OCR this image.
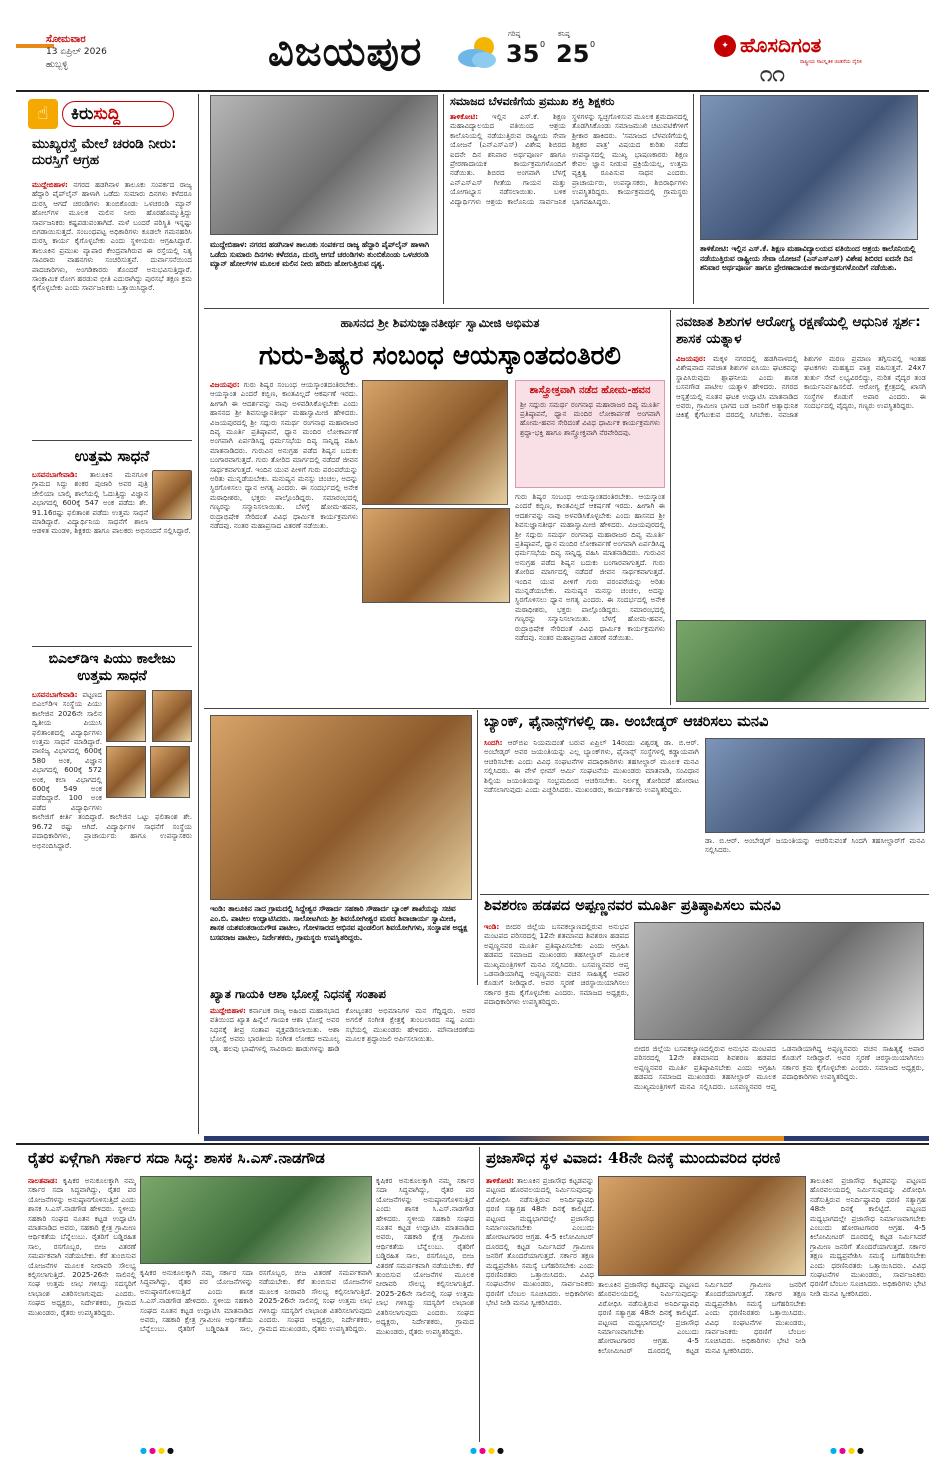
ಸೋಮವಾರ
13 ಏಪ್ರಿಲ್ 2026
ಹುಬ್ಬಳ್ಳಿ	ವಿಜಯಪುರ	ಗರಿಷ್ಠ
35 0
ಕನಿಷ್ಠ
25 0	✦ ಹೊಸದಿಗಂತ
ರಾಷ್ಟ್ರೀಯ ಸಾಂಸ್ಕೃತಿಕ ಚಿಂತನೆಯ ದೈನಿಕ
೧೧
☝	ಕಿರುಸುದ್ದಿ
ಮುಖ್ಯರಸ್ತೆ ಮೇಲೆ ಚರಂಡಿ ನೀರು: ದುರಸ್ತಿಗೆ ಆಗ್ರಹ
ಮುದ್ದೇಬಿಹಾಳ: ನಗರದ ಹಡಗಿನಾಳ ತಾಲೂಕು ಸಂಪರ್ಕದ ರಾಜ್ಯ ಹೆದ್ದಾರಿ ಪೈಪ್‌ಲೈನ್ ಹಾಳಾಗಿ ಒಡೆದು ಸುಮಾರು ದಿನಗಳು ಕಳೆದರೂ ದುರಸ್ತಿ ಆಗದೆ ಚರಂಡಿಗಳು ತುಂಬಿಕೊಂಡು ಒಳಚರಂಡಿ ಮ್ಯಾನ್ ಹೋಲ್‌ಗಳ ಮೂಲಕ ಮಲಿನ ನೀರು ಹೊರಹೊಮ್ಮುತ್ತಿದ್ದು ಸಾರ್ವಜನಿಕರು ಕಷ್ಟಪಡುವಂತಾಗಿದೆ. ಮಳೆ ಬಂದರೆ ಪರಿಸ್ಥಿತಿ ಇನ್ನಷ್ಟು ಬಿಗಡಾಯಿಸುತ್ತದೆ. ಸಂಬಂಧಪಟ್ಟ ಅಧಿಕಾರಿಗಳು ಕೂಡಲೇ ಗಮನಹರಿಸಿ ದುರಸ್ತಿ ಕಾರ್ಯ ಕೈಗೊಳ್ಳಬೇಕು ಎಂದು ಸ್ಥಳೀಯರು ಆಗ್ರಹಿಸಿದ್ದಾರೆ. ತಾಲೂಕಿನ ಪ್ರಮುಖ ವ್ಯಾಪಾರ ಕೇಂದ್ರವಾಗಿರುವ ಈ ರಸ್ತೆಯಲ್ಲಿ ನಿತ್ಯ ಸಾವಿರಾರು ವಾಹನಗಳು ಸಂಚರಿಸುತ್ತವೆ. ದುರ್ವಾಸನೆಯಿಂದ ಪಾದಚಾರಿಗಳು, ಅಂಗಡಿಕಾರರು ತೊಂದರೆ ಅನುಭವಿಸುತ್ತಿದ್ದಾರೆ. ಸಾಂಕ್ರಾಮಿಕ ರೋಗ ಹರಡುವ ಭೀತಿ ಎದುರಾಗಿದ್ದು ಪುರಸಭೆ ತಕ್ಷಣ ಕ್ರಮ ಕೈಗೊಳ್ಳಬೇಕು ಎಂದು ಸಾರ್ವಜನಿಕರು ಒತ್ತಾಯಿಸಿದ್ದಾರೆ.
ಉತ್ತಮ ಸಾಧನೆ
ಬಸವನಬಾಗೇವಾಡಿ: ತಾಲೂಕಿನ ಮನಗೂಳಿ ಗ್ರಾಮದ ಸಿದ್ದು ಶಂಕರ ಪುಜಾರಿ ಅವರ ಪುತ್ರಿ ಜೇಲಿಯಾ ಬಾಲ್ಕಿ ಶಾಲೆಯಲ್ಲಿ ಓದುತ್ತಿದ್ದು ವಿಜ್ಞಾನ ವಿಭಾಗದಲ್ಲಿ 600ಕ್ಕೆ 547 ಅಂಕ ಪಡೆದು ಶೇ. 91.16ರಷ್ಟು ಫಲಿತಾಂಶ ಪಡೆದು ಉತ್ತಮ ಸಾಧನೆ ಮಾಡಿದ್ದಾರೆ. ವಿದ್ಯಾರ್ಥಿನಿಯ ಸಾಧನೆಗೆ ಶಾಲಾ ಆಡಳಿತ ಮಂಡಳಿ, ಶಿಕ್ಷಕರು ಹಾಗೂ ಪಾಲಕರು ಅಭಿನಂದನೆ ಸಲ್ಲಿಸಿದ್ದಾರೆ.
ಬಿಎಲ್‌ಡಿಇ ಪಿಯು ಕಾಲೇಜು ಉತ್ತಮ ಸಾಧನೆ

ಬಸವನಬಾಗೇವಾಡಿ: ಪಟ್ಟಣದ ಬಿಎಲ್‌ಡಿಇ ಸಂಸ್ಥೆಯ ಪಿಯು ಕಾಲೇಜಿನ 2026ನೇ ಸಾಲಿನ ದ್ವಿತೀಯ ಪಿಯುಸಿ ಫಲಿತಾಂಶದಲ್ಲಿ ವಿದ್ಯಾರ್ಥಿಗಳು ಉತ್ತಮ ಸಾಧನೆ ಮಾಡಿದ್ದಾರೆ. ವಾಣಿಜ್ಯ ವಿಭಾಗದಲ್ಲಿ 600ಕ್ಕೆ 580 ಅಂಕ, ವಿಜ್ಞಾನ ವಿಭಾಗದಲ್ಲಿ 600ಕ್ಕೆ 572 ಅಂಕ, ಕಲಾ ವಿಭಾಗದಲ್ಲಿ 600ಕ್ಕೆ 549 ಅಂಕ ಪಡೆದಿದ್ದಾರೆ. 100 ಅಂಕ ಪಡೆದ ವಿದ್ಯಾರ್ಥಿಗಳು ಕಾಲೇಜಿಗೆ ಕೀರ್ತಿ ತಂದಿದ್ದಾರೆ. ಕಾಲೇಜಿನ ಒಟ್ಟು ಫಲಿತಾಂಶ ಶೇ. 96.72 ರಷ್ಟು ಆಗಿದೆ. ವಿದ್ಯಾರ್ಥಿಗಳ ಸಾಧನೆಗೆ ಸಂಸ್ಥೆಯ ಪದಾಧಿಕಾರಿಗಳು, ಪ್ರಾಚಾರ್ಯರು ಹಾಗೂ ಉಪನ್ಯಾಸಕರು ಅಭಿನಂದಿಸಿದ್ದಾರೆ.
ಮುದ್ದೇಬಿಹಾಳ: ನಗರದ ಹಡಗಿನಾಳ ತಾಲೂಕು ಸಂಪರ್ಕದ ರಾಜ್ಯ ಹೆದ್ದಾರಿ ಪೈಪ್‌ಲೈನ್ ಹಾಳಾಗಿ ಒಡೆದು ಸುಮಾರು ದಿನಗಳು ಕಳೆದರೂ, ದುರಸ್ತಿ ಆಗದೆ ಚರಂಡಿಗಳು ತುಂಬಿಕೊಂಡು ಒಳಚರಂಡಿ ಮ್ಯಾನ್ ಹೋಲ್‌ಗಳ ಮೂಲಕ ಮಲಿನ ನೀರು ಹರಿದು ಹೋಗುತ್ತಿರುವ ದೃಶ್ಯ.
ಸಮಾಜದ ಬೆಳವಣಿಗೆಯ ಪ್ರಮುಖ ಶಕ್ತಿ ಶಿಕ್ಷಕರು
ತಾಳಿಕೋಟಿ: ಇಲ್ಲಿನ ಎಸ್.ಕೆ. ಶಿಕ್ಷಣ ಮಹಾವಿದ್ಯಾಲಯದ ವತಿಯಿಂದ ಆಶ್ರಯ ಕಾಲೊನಿಯಲ್ಲಿ ನಡೆಯುತ್ತಿರುವ ರಾಷ್ಟ್ರೀಯ ಸೇವಾ ಯೋಜನೆ (ಎನ್ಎಸ್ಎಸ್) ವಿಶೇಷ ಶಿಬಿರದ ಐದನೇ ದಿನ ಶನಿವಾರ ಅರ್ಥಪೂರ್ಣ ಹಾಗೂ ಪ್ರೇರಣಾದಾಯಕ ಕಾರ್ಯಕ್ರಮಗಳೊಂದಿಗೆ ನಡೆಯಿತು. ಶಿಬಿರದ ಅಂಗವಾಗಿ ಬೆಳಗ್ಗೆ ಎನ್ಎಸ್ಎಸ್ ಗೀತೆಯ ಗಾಯನ ಮತ್ತು ಯೋಗಾಭ್ಯಾಸ ನಡೆಸಲಾಯಿತು. ಬಳಿಕ ವಿದ್ಯಾರ್ಥಿಗಳು ಆಶ್ರಯ ಕಾಲೊನಿಯ ಸಾರ್ವಜನಿಕ ಸ್ಥಳಗಳನ್ನು ಸ್ವಚ್ಛಗೊಳಿಸುವ ಮೂಲಕ ಶ್ರಮದಾನದಲ್ಲಿ ತೊಡಗಿಸಿಕೊಂಡು ಸಮಾಜಮುಖಿ ಚಟುವಟಿಕೆಗಳಿಗೆ ಶ್ರೀಕಾರ ಹಾಕಿದರು. 'ಸಮಾಜದ ಬೆಳವಣಿಗೆಯಲ್ಲಿ ಶಿಕ್ಷಕರ ಪಾತ್ರ' ವಿಷಯದ ಕುರಿತು ನಡೆದ ಉಪನ್ಯಾಸದಲ್ಲಿ ಮುಖ್ಯ ಭಾಷಣಕಾರರು ಶಿಕ್ಷಣ ಕೇವಲ ಜ್ಞಾನ ನೀಡುವ ಪ್ರಕ್ರಿಯೆಯಲ್ಲ, ಉತ್ತಮ ವ್ಯಕ್ತಿತ್ವ ರೂಪಿಸುವ ಸಾಧನ ಎಂದರು. ಪ್ರಾಚಾರ್ಯರು, ಉಪನ್ಯಾಸಕರು, ಶಿಬಿರಾರ್ಥಿಗಳು ಉಪಸ್ಥಿತರಿದ್ದರು. ಕಾರ್ಯಕ್ರಮದಲ್ಲಿ ಗ್ರಾಮಸ್ಥರು ಭಾಗವಹಿಸಿದ್ದರು.
ತಾಳಿಕೋಟಿ: ಇಲ್ಲಿನ ಎಸ್.ಕೆ. ಶಿಕ್ಷಣ ಮಹಾವಿದ್ಯಾಲಯದ ವತಿಯಿಂದ ಆಶ್ರಯ ಕಾಲೊನಿಯಲ್ಲಿ ನಡೆಯುತ್ತಿರುವ ರಾಷ್ಟ್ರೀಯ ಸೇವಾ ಯೋಜನೆ (ಎನ್ಎಸ್ಎಸ್) ವಿಶೇಷ ಶಿಬಿರದ ಐದನೇ ದಿನ ಶನಿವಾರ ಅರ್ಥಪೂರ್ಣ ಹಾಗೂ ಪ್ರೇರಣಾದಾಯಕ ಕಾರ್ಯಕ್ರಮಗಳೊಂದಿಗೆ ನಡೆಯಿತು.
ಹಾಸನದ ಶ್ರೀ ಶಿವಸುಜ್ಞಾನತೀರ್ಥ ಸ್ವಾಮೀಜಿ ಅಭಿಮತ
ಗುರು-ಶಿಷ್ಯರ ಸಂಬಂಧ ಆಯಸ್ಕಾಂತದಂತಿರಲಿ
ವಿಜಯಪುರ: ಗುರು ಶಿಷ್ಯರ ಸಂಬಂಧ ಆಯಸ್ಕಾಂತದಂತಿರಬೇಕು. ಆಯಸ್ಕಾಂತ ಎಂದರೆ ಕಬ್ಬಿಣ, ಕಾಂತವಿಲ್ಲದೆ ಆಕರ್ಷಣೆ ಇರದು. ಹೀಗಾಗಿ ಈ ಆದರ್ಶವನ್ನು ನಾವು ಅಳವಡಿಸಿಕೊಳ್ಳಬೇಕು ಎಂದು ಹಾಸನದ ಶ್ರೀ ಶಿವಸುಜ್ಞಾನತೀರ್ಥ ಮಹಾಸ್ವಾಮೀಜಿ ಹೇಳಿದರು. ವಿಜಯಪುರದಲ್ಲಿ ಶ್ರೀ ಸದ್ಗುರು ಸಮರ್ಥ ರಂಗನಾಥ ಮಹಾರಾಜರ ದಿವ್ಯ ಮೂರ್ತಿ ಪ್ರತಿಷ್ಠಾಪನೆ, ಧ್ಯಾನ ಮಂದಿರ ಲೋಕಾರ್ಪಣೆ ಅಂಗವಾಗಿ ಏರ್ಪಡಿಸಿದ್ದ ಧರ್ಮಸಭೆಯ ದಿವ್ಯ ಸಾನ್ನಿಧ್ಯ ವಹಿಸಿ ಮಾತನಾಡಿದರು. ಗುರುವಿನ ಅನುಗ್ರಹ ಪಡೆದ ಶಿಷ್ಯನ ಬದುಕು ಬಂಗಾರವಾಗುತ್ತದೆ. ಗುರು ತೋರಿದ ಮಾರ್ಗದಲ್ಲಿ ನಡೆದರೆ ಜೀವನ ಸಾರ್ಥಕವಾಗುತ್ತದೆ. ಇಂದಿನ ಯುವ ಪೀಳಿಗೆ ಗುರು ಪರಂಪರೆಯನ್ನು ಅರಿತು ಮುನ್ನಡೆಯಬೇಕು. ಮನುಷ್ಯನ ಮನಸ್ಸು ಚಂಚಲ, ಅದನ್ನು ಸ್ಥಿರಗೊಳಿಸಲು ಧ್ಯಾನ ಅಗತ್ಯ ಎಂದರು. ಈ ಸಂದರ್ಭದಲ್ಲಿ ಅನೇಕ ಮಠಾಧೀಶರು, ಭಕ್ತರು ಪಾಲ್ಗೊಂಡಿದ್ದರು. ಸಮಾರಂಭದಲ್ಲಿ ಗಣ್ಯರನ್ನು ಸನ್ಮಾನಿಸಲಾಯಿತು. ಬೆಳಗ್ಗೆ ಹೋಮ-ಹವನ, ರುದ್ರಾಭಿಷೇಕ ಸೇರಿದಂತೆ ವಿವಿಧ ಧಾರ್ಮಿಕ ಕಾರ್ಯಕ್ರಮಗಳು ನಡೆದವು. ನಂತರ ಮಹಾಪ್ರಸಾದ ವಿತರಣೆ ನಡೆಯಿತು.
ಶಾಸ್ತ್ರೋಕ್ತವಾಗಿ ನಡೆದ ಹೋಮ-ಹವನ
ಶ್ರೀ ಸದ್ಗುರು ಸಮರ್ಥ ರಂಗನಾಥ ಮಹಾರಾಜರ ದಿವ್ಯ ಮೂರ್ತಿ ಪ್ರತಿಷ್ಠಾಪನೆ, ಧ್ಯಾನ ಮಂದಿರ ಲೋಕಾರ್ಪಣೆ ಅಂಗವಾಗಿ ಹೋಮ-ಹವನ ಸೇರಿದಂತೆ ವಿವಿಧ ಧಾರ್ಮಿಕ ಕಾರ್ಯಕ್ರಮಗಳು ಶ್ರದ್ಧಾ-ಭಕ್ತಿ ಹಾಗೂ ಶಾಸ್ತ್ರೋಕ್ತವಾಗಿ ನೆರವೇರಿದವು.
ಗುರು ಶಿಷ್ಯರ ಸಂಬಂಧ ಆಯಸ್ಕಾಂತದಂತಿರಬೇಕು. ಆಯಸ್ಕಾಂತ ಎಂದರೆ ಕಬ್ಬಿಣ, ಕಾಂತವಿಲ್ಲದೆ ಆಕರ್ಷಣೆ ಇರದು. ಹೀಗಾಗಿ ಈ ಆದರ್ಶವನ್ನು ನಾವು ಅಳವಡಿಸಿಕೊಳ್ಳಬೇಕು ಎಂದು ಹಾಸನದ ಶ್ರೀ ಶಿವಸುಜ್ಞಾನತೀರ್ಥ ಮಹಾಸ್ವಾಮೀಜಿ ಹೇಳಿದರು. ವಿಜಯಪುರದಲ್ಲಿ ಶ್ರೀ ಸದ್ಗುರು ಸಮರ್ಥ ರಂಗನಾಥ ಮಹಾರಾಜರ ದಿವ್ಯ ಮೂರ್ತಿ ಪ್ರತಿಷ್ಠಾಪನೆ, ಧ್ಯಾನ ಮಂದಿರ ಲೋಕಾರ್ಪಣೆ ಅಂಗವಾಗಿ ಏರ್ಪಡಿಸಿದ್ದ ಧರ್ಮಸಭೆಯ ದಿವ್ಯ ಸಾನ್ನಿಧ್ಯ ವಹಿಸಿ ಮಾತನಾಡಿದರು. ಗುರುವಿನ ಅನುಗ್ರಹ ಪಡೆದ ಶಿಷ್ಯನ ಬದುಕು ಬಂಗಾರವಾಗುತ್ತದೆ. ಗುರು ತೋರಿದ ಮಾರ್ಗದಲ್ಲಿ ನಡೆದರೆ ಜೀವನ ಸಾರ್ಥಕವಾಗುತ್ತದೆ. ಇಂದಿನ ಯುವ ಪೀಳಿಗೆ ಗುರು ಪರಂಪರೆಯನ್ನು ಅರಿತು ಮುನ್ನಡೆಯಬೇಕು. ಮನುಷ್ಯನ ಮನಸ್ಸು ಚಂಚಲ, ಅದನ್ನು ಸ್ಥಿರಗೊಳಿಸಲು ಧ್ಯಾನ ಅಗತ್ಯ ಎಂದರು. ಈ ಸಂದರ್ಭದಲ್ಲಿ ಅನೇಕ ಮಠಾಧೀಶರು, ಭಕ್ತರು ಪಾಲ್ಗೊಂಡಿದ್ದರು. ಸಮಾರಂಭದಲ್ಲಿ ಗಣ್ಯರನ್ನು ಸನ್ಮಾನಿಸಲಾಯಿತು. ಬೆಳಗ್ಗೆ ಹೋಮ-ಹವನ, ರುದ್ರಾಭಿಷೇಕ ಸೇರಿದಂತೆ ವಿವಿಧ ಧಾರ್ಮಿಕ ಕಾರ್ಯಕ್ರಮಗಳು ನಡೆದವು. ನಂತರ ಮಹಾಪ್ರಸಾದ ವಿತರಣೆ ನಡೆಯಿತು.
ನವಜಾತ ಶಿಶುಗಳ ಆರೋಗ್ಯ ರಕ್ಷಣೆಯಲ್ಲಿ ಆಧುನಿಕ ಸ್ಪರ್ಶ: ಶಾಸಕ ಯತ್ನಾಳ
ವಿಜಯಪುರ: ಮಕ್ಕಳ ನಗರದಲ್ಲಿ ಹಡಗಿನಾಳದಲ್ಲಿ ವಿಶೇಷವಾದ ನವಜಾತ ಶಿಶುಗಳ ಐಸಿಯು ಘಟಕವನ್ನು ಸ್ಥಾಪಿಸಿರುವುದು ಶ್ಲಾಘನೀಯ ಎಂದು ಶಾಸಕ ಬಸನಗೌಡ ಪಾಟೀಲ ಯತ್ನಾಳ ಹೇಳಿದರು. ನಗರದ ಆಸ್ಪತ್ರೆಯಲ್ಲಿ ನೂತನ ಘಟಕ ಉದ್ಘಾಟಿಸಿ ಮಾತನಾಡಿದ ಅವರು, ಗ್ರಾಮೀಣ ಭಾಗದ ಬಡ ಜನರಿಗೆ ಅತ್ಯಾಧುನಿಕ ಚಿಕಿತ್ಸೆ ಕೈಗೆಟುಕುವ ದರದಲ್ಲಿ ಸಿಗಬೇಕು. ನವಜಾತ ಶಿಶುಗಳ ಮರಣ ಪ್ರಮಾಣ ತಗ್ಗಿಸುವಲ್ಲಿ ಇಂತಹ ಘಟಕಗಳು ಮಹತ್ವದ ಪಾತ್ರ ವಹಿಸುತ್ತವೆ. 24x7 ತುರ್ತು ಸೇವೆ ಲಭ್ಯವಿರಲಿದ್ದು, ನುರಿತ ವೈದ್ಯರ ತಂಡ ಕಾರ್ಯನಿರ್ವಹಿಸಲಿದೆ. ಆರೋಗ್ಯ ಕ್ಷೇತ್ರದಲ್ಲಿ ಖಾಸಗಿ ಸಂಸ್ಥೆಗಳ ಕೊಡುಗೆ ಅಪಾರ ಎಂದರು. ಈ ಸಂದರ್ಭದಲ್ಲಿ ವೈದ್ಯರು, ಗಣ್ಯರು ಉಪಸ್ಥಿತರಿದ್ದರು.
ಇಂಡಿ: ತಾಲೂಕಿನ ನಾದ ಗ್ರಾಮದಲ್ಲಿ ಸಿದ್ದೇಶ್ವರ ಸೌಹಾರ್ದ ಸಹಕಾರಿ ಸೌಹಾರ್ದ ಬ್ಯಾಂಕ್ ಶಾಖೆಯನ್ನು ಸಚಿವ ಎಂ.ಬಿ. ಪಾಟೀಲ ಉದ್ಘಾಟಿಸಿದರು. ಸಾಲೋಟಗಿಯ ಶ್ರೀ ಶಿವಯೋಗೀಶ್ವರ ಮಠದ ಶಿವಾಚಾರ್ಯ ಸ್ವಾಮೀಜಿ, ಶಾಸಕ ಯಶವಂತರಾಯಗೌಡ ಪಾಟೀಲ, ಗೋಳಸಾರದ ಅಭಿನವ ಪುಂಡಲಿಂಗ ಶಿವಯೋಗಿಗಳು, ಸಂಸ್ಥಾಪಕ ಅಧ್ಯಕ್ಷ ಬಸವರಾಜ ಪಾಟೀಲ, ನಿರ್ದೇಶಕರು, ಗ್ರಾಮಸ್ಥರು ಉಪಸ್ಥಿತರಿದ್ದರು.
ಬ್ಯಾಂಕ್, ಫೈನಾನ್ಸ್‌ಗಳಲ್ಲಿ ಡಾ. ಅಂಬೇಡ್ಕರ್ ಆಚರಿಸಲು ಮನವಿ
ಸಿಂದಗಿ: ಆರ್‌ಬಿಐ ನಿಯಮದಂತೆ ಬರುವ ಏಪ್ರಿಲ್ 14ರಂದು ವಿಶ್ವರತ್ನ ಡಾ. ಬಿ.ಆರ್. ಅಂಬೇಡ್ಕರ್ ಅವರ ಜಯಂತಿಯನ್ನು ಎಲ್ಲ ಬ್ಯಾಂಕ್‌ಗಳು, ಫೈನಾನ್ಸ್ ಸಂಸ್ಥೆಗಳಲ್ಲಿ ಕಡ್ಡಾಯವಾಗಿ ಆಚರಿಸಬೇಕು ಎಂದು ವಿವಿಧ ಸಂಘಟನೆಗಳ ಪದಾಧಿಕಾರಿಗಳು ತಹಸೀಲ್ದಾರ್ ಮೂಲಕ ಮನವಿ ಸಲ್ಲಿಸಿದರು. ಈ ವೇಳೆ ಭೀಮ್ ಆರ್ಮಿ ಸಂಘಟನೆಯ ಮುಖಂಡರು ಮಾತನಾಡಿ, ಸಂವಿಧಾನ ಶಿಲ್ಪಿಯ ಜಯಂತಿಯನ್ನು ಸಂಭ್ರಮದಿಂದ ಆಚರಿಸಬೇಕು. ನಿರ್ಲಕ್ಷ್ಯ ತೋರಿದರೆ ಹೋರಾಟ ನಡೆಸಲಾಗುವುದು ಎಂದು ಎಚ್ಚರಿಸಿದರು. ಮುಖಂಡರು, ಕಾರ್ಯಕರ್ತರು ಉಪಸ್ಥಿತರಿದ್ದರು.
ಡಾ. ಬಿ.ಆರ್. ಅಂಬೇಡ್ಕರ್ ಜಯಂತಿಯನ್ನು ಆಚರಿಸುವಂತೆ ಸಿಂದಗಿ ತಹಸೀಲ್ದಾರ್‌ಗೆ ಮನವಿ ಸಲ್ಲಿಸಿದರು.
ಶಿವಶರಣ ಹಡಪದ ಅಪ್ಪಣ್ಣನವರ ಮೂರ್ತಿ ಪ್ರತಿಷ್ಠಾಪಿಸಲು ಮನವಿ
ಇಂಡಿ: ಬೀದರ ಜಿಲ್ಲೆಯ ಬಸವಕಲ್ಯಾಣದಲ್ಲಿರುವ ಅನುಭವ ಮಂಟಪದ ಪರಿಸರದಲ್ಲಿ 12ನೇ ಶತಮಾನದ ಶಿವಶರಣ ಹಡಪದ ಅಪ್ಪಣ್ಣನವರ ಮೂರ್ತಿ ಪ್ರತಿಷ್ಠಾಪಿಸಬೇಕು ಎಂದು ಆಗ್ರಹಿಸಿ ಹಡಪದ ಸಮಾಜದ ಮುಖಂಡರು ತಹಸೀಲ್ದಾರ್ ಮೂಲಕ ಮುಖ್ಯಮಂತ್ರಿಗಳಿಗೆ ಮನವಿ ಸಲ್ಲಿಸಿದರು. ಬಸವಣ್ಣನವರ ಆಪ್ತ ಒಡನಾಡಿಯಾಗಿದ್ದ ಅಪ್ಪಣ್ಣನವರು ವಚನ ಸಾಹಿತ್ಯಕ್ಕೆ ಅಪಾರ ಕೊಡುಗೆ ನೀಡಿದ್ದಾರೆ. ಅವರ ಸ್ಮರಣೆ ಚಿರಸ್ಥಾಯಿಯಾಗಿಸಲು ಸರ್ಕಾರ ಕ್ರಮ ಕೈಗೊಳ್ಳಬೇಕು ಎಂದರು. ಸಮಾಜದ ಅಧ್ಯಕ್ಷರು, ಪದಾಧಿಕಾರಿಗಳು ಉಪಸ್ಥಿತರಿದ್ದರು.
ಬೀದರ ಜಿಲ್ಲೆಯ ಬಸವಕಲ್ಯಾಣದಲ್ಲಿರುವ ಅನುಭವ ಮಂಟಪದ ಪರಿಸರದಲ್ಲಿ 12ನೇ ಶತಮಾನದ ಶಿವಶರಣ ಹಡಪದ ಅಪ್ಪಣ್ಣನವರ ಮೂರ್ತಿ ಪ್ರತಿಷ್ಠಾಪಿಸಬೇಕು ಎಂದು ಆಗ್ರಹಿಸಿ ಹಡಪದ ಸಮಾಜದ ಮುಖಂಡರು ತಹಸೀಲ್ದಾರ್ ಮೂಲಕ ಮುಖ್ಯಮಂತ್ರಿಗಳಿಗೆ ಮನವಿ ಸಲ್ಲಿಸಿದರು. ಬಸವಣ್ಣನವರ ಆಪ್ತ ಒಡನಾಡಿಯಾಗಿದ್ದ ಅಪ್ಪಣ್ಣನವರು ವಚನ ಸಾಹಿತ್ಯಕ್ಕೆ ಅಪಾರ ಕೊಡುಗೆ ನೀಡಿದ್ದಾರೆ. ಅವರ ಸ್ಮರಣೆ ಚಿರಸ್ಥಾಯಿಯಾಗಿಸಲು ಸರ್ಕಾರ ಕ್ರಮ ಕೈಗೊಳ್ಳಬೇಕು ಎಂದರು. ಸಮಾಜದ ಅಧ್ಯಕ್ಷರು, ಪದಾಧಿಕಾರಿಗಳು ಉಪಸ್ಥಿತರಿದ್ದರು.
ಖ್ಯಾತ ಗಾಯಕಿ ಆಶಾ ಭೋಸ್ಲೆ ನಿಧನಕ್ಕೆ ಸಂತಾಪ
ಮುದ್ದೇಬಿಹಾಳ: ಕರ್ನಾಟಕ ರಾಜ್ಯ ಅಹಿಂದ ಮಹಾಸಭಾದ ವತಿಯಿಂದ ಖ್ಯಾತ ಹಿನ್ನೆಲೆ ಗಾಯಕಿ ಆಶಾ ಭೋಸ್ಲೆ ಅವರ ನಿಧನಕ್ಕೆ ತೀವ್ರ ಸಂತಾಪ ವ್ಯಕ್ತಪಡಿಸಲಾಯಿತು. ಆಶಾ ಭೋಸ್ಲೆ ಅವರು ಭಾರತೀಯ ಸಂಗೀತ ಲೋಕದ ಅಮೂಲ್ಯ ರತ್ನ. ಹಲವು ಭಾಷೆಗಳಲ್ಲಿ ಸಾವಿರಾರು ಹಾಡುಗಳನ್ನು ಹಾಡಿ ಕೋಟ್ಯಂತರ ಅಭಿಮಾನಿಗಳ ಮನ ಗೆದ್ದಿದ್ದರು. ಅವರ ಅಗಲಿಕೆ ಸಂಗೀತ ಕ್ಷೇತ್ರಕ್ಕೆ ತುಂಬಲಾರದ ನಷ್ಟ ಎಂದು ಸಭೆಯಲ್ಲಿ ಮುಖಂಡರು ಹೇಳಿದರು. ಮೌನಾಚರಣೆಯ ಮೂಲಕ ಶ್ರದ್ಧಾಂಜಲಿ ಅರ್ಪಿಸಲಾಯಿತು.
ರೈತರ ಏಳ್ಗೆಗಾಗಿ ಸರ್ಕಾರ ಸದಾ ಸಿದ್ಧ: ಶಾಸಕ ಸಿ.ಎಸ್.ನಾಡಗೌಡ
ನಾಲತವಾಡ: ಕೃಷಿಕರ ಅನುಕೂಲಕ್ಕಾಗಿ ನಮ್ಮ ಸರ್ಕಾರ ಸದಾ ಸಿದ್ಧವಾಗಿದ್ದು, ರೈತರ ಪರ ಯೋಜನೆಗಳನ್ನು ಅನುಷ್ಠಾನಗೊಳಿಸುತ್ತಿದೆ ಎಂದು ಶಾಸಕ ಸಿ.ಎಸ್.ನಾಡಗೌಡ ಹೇಳಿದರು. ಸ್ಥಳೀಯ ಸಹಕಾರಿ ಸಂಘದ ನೂತನ ಕಟ್ಟಡ ಉದ್ಘಾಟಿಸಿ ಮಾತನಾಡಿದ ಅವರು, ಸಹಕಾರಿ ಕ್ಷೇತ್ರ ಗ್ರಾಮೀಣ ಆರ್ಥಿಕತೆಯ ಬೆನ್ನೆಲುಬು. ರೈತರಿಗೆ ಬಡ್ಡಿರಹಿತ ಸಾಲ, ರಸಗೊಬ್ಬರ, ಬೀಜ ವಿತರಣೆ ಸಮರ್ಪಕವಾಗಿ ನಡೆಯಬೇಕು. ಕೆರೆ ತುಂಬಿಸುವ ಯೋಜನೆಗಳ ಮೂಲಕ ನೀರಾವರಿ ಸೌಲಭ್ಯ ಕಲ್ಪಿಸಲಾಗುತ್ತಿದೆ. 2025-26ನೇ ಸಾಲಿನಲ್ಲಿ ಸಂಘ ಉತ್ತಮ ಲಾಭ ಗಳಿಸಿದ್ದು ಸದಸ್ಯರಿಗೆ ಲಾಭಾಂಶ ವಿತರಿಸಲಾಗುವುದು ಎಂದರು. ಸಂಘದ ಅಧ್ಯಕ್ಷರು, ನಿರ್ದೇಶಕರು, ಗ್ರಾಮದ ಮುಖಂಡರು, ರೈತರು ಉಪಸ್ಥಿತರಿದ್ದರು.
ಕೃಷಿಕರ ಅನುಕೂಲಕ್ಕಾಗಿ ನಮ್ಮ ಸರ್ಕಾರ ಸದಾ ಸಿದ್ಧವಾಗಿದ್ದು, ರೈತರ ಪರ ಯೋಜನೆಗಳನ್ನು ಅನುಷ್ಠಾನಗೊಳಿಸುತ್ತಿದೆ ಎಂದು ಶಾಸಕ ಸಿ.ಎಸ್.ನಾಡಗೌಡ ಹೇಳಿದರು. ಸ್ಥಳೀಯ ಸಹಕಾರಿ ಸಂಘದ ನೂತನ ಕಟ್ಟಡ ಉದ್ಘಾಟಿಸಿ ಮಾತನಾಡಿದ ಅವರು, ಸಹಕಾರಿ ಕ್ಷೇತ್ರ ಗ್ರಾಮೀಣ ಆರ್ಥಿಕತೆಯ ಬೆನ್ನೆಲುಬು. ರೈತರಿಗೆ ಬಡ್ಡಿರಹಿತ ಸಾಲ, ರಸಗೊಬ್ಬರ, ಬೀಜ ವಿತರಣೆ ಸಮರ್ಪಕವಾಗಿ ನಡೆಯಬೇಕು. ಕೆರೆ ತುಂಬಿಸುವ ಯೋಜನೆಗಳ ಮೂಲಕ ನೀರಾವರಿ ಸೌಲಭ್ಯ ಕಲ್ಪಿಸಲಾಗುತ್ತಿದೆ. 2025-26ನೇ ಸಾಲಿನಲ್ಲಿ ಸಂಘ ಉತ್ತಮ ಲಾಭ ಗಳಿಸಿದ್ದು ಸದಸ್ಯರಿಗೆ ಲಾಭಾಂಶ ವಿತರಿಸಲಾಗುವುದು ಎಂದರು. ಸಂಘದ ಅಧ್ಯಕ್ಷರು, ನಿರ್ದೇಶಕರು, ಗ್ರಾಮದ ಮುಖಂಡರು, ರೈತರು ಉಪಸ್ಥಿತರಿದ್ದರು.
ಕೃಷಿಕರ ಅನುಕೂಲಕ್ಕಾಗಿ ನಮ್ಮ ಸರ್ಕಾರ ಸದಾ ಸಿದ್ಧವಾಗಿದ್ದು, ರೈತರ ಪರ ಯೋಜನೆಗಳನ್ನು ಅನುಷ್ಠಾನಗೊಳಿಸುತ್ತಿದೆ ಎಂದು ಶಾಸಕ ಸಿ.ಎಸ್.ನಾಡಗೌಡ ಹೇಳಿದರು. ಸ್ಥಳೀಯ ಸಹಕಾರಿ ಸಂಘದ ನೂತನ ಕಟ್ಟಡ ಉದ್ಘಾಟಿಸಿ ಮಾತನಾಡಿದ ಅವರು, ಸಹಕಾರಿ ಕ್ಷೇತ್ರ ಗ್ರಾಮೀಣ ಆರ್ಥಿಕತೆಯ ಬೆನ್ನೆಲುಬು. ರೈತರಿಗೆ ಬಡ್ಡಿರಹಿತ ಸಾಲ, ರಸಗೊಬ್ಬರ, ಬೀಜ ವಿತರಣೆ ಸಮರ್ಪಕವಾಗಿ ನಡೆಯಬೇಕು. ಕೆರೆ ತುಂಬಿಸುವ ಯೋಜನೆಗಳ ಮೂಲಕ ನೀರಾವರಿ ಸೌಲಭ್ಯ ಕಲ್ಪಿಸಲಾಗುತ್ತಿದೆ. 2025-26ನೇ ಸಾಲಿನಲ್ಲಿ ಸಂಘ ಉತ್ತಮ ಲಾಭ ಗಳಿಸಿದ್ದು ಸದಸ್ಯರಿಗೆ ಲಾಭಾಂಶ ವಿತರಿಸಲಾಗುವುದು ಎಂದರು. ಸಂಘದ ಅಧ್ಯಕ್ಷರು, ನಿರ್ದೇಶಕರು, ಗ್ರಾಮದ ಮುಖಂಡರು, ರೈತರು ಉಪಸ್ಥಿತರಿದ್ದರು.
ಪ್ರಜಾಸೌಧ ಸ್ಥಳ ವಿವಾದ: 48ನೇ ದಿನಕ್ಕೆ ಮುಂದುವರಿದ ಧರಣಿ
ತಾಳಿಕೋಟಿ: ತಾಲೂಕಿನ ಪ್ರಜಾಸೌಧ ಕಟ್ಟಡವನ್ನು ಪಟ್ಟಣದ ಹೊರವಲಯದಲ್ಲಿ ನಿರ್ಮಿಸುವುದನ್ನು ವಿರೋಧಿಸಿ ನಡೆಸುತ್ತಿರುವ ಅನಿರ್ದಿಷ್ಟಾವಧಿ ಧರಣಿ ಸತ್ಯಾಗ್ರಹ 48ನೇ ದಿನಕ್ಕೆ ಕಾಲಿಟ್ಟಿದೆ. ಪಟ್ಟಣದ ಮಧ್ಯಭಾಗದಲ್ಲೇ ಪ್ರಜಾಸೌಧ ನಿರ್ಮಾಣವಾಗಬೇಕು ಎಂಬುದು ಹೋರಾಟಗಾರರ ಆಗ್ರಹ. 4-5 ಕಿಲೋಮೀಟರ್ ದೂರದಲ್ಲಿ ಕಟ್ಟಡ ನಿರ್ಮಿಸಿದರೆ ಗ್ರಾಮೀಣ ಜನರಿಗೆ ತೊಂದರೆಯಾಗುತ್ತದೆ. ಸರ್ಕಾರ ತಕ್ಷಣ ಮಧ್ಯಪ್ರವೇಶಿಸಿ ಸಮಸ್ಯೆ ಬಗೆಹರಿಸಬೇಕು ಎಂದು ಧರಣಿನಿರತರು ಒತ್ತಾಯಿಸಿದರು. ವಿವಿಧ ಸಂಘಟನೆಗಳ ಮುಖಂಡರು, ಸಾರ್ವಜನಿಕರು ಧರಣಿಗೆ ಬೆಂಬಲ ಸೂಚಿಸಿದರು. ಅಧಿಕಾರಿಗಳು ಭೇಟಿ ನೀಡಿ ಮನವಿ ಸ್ವೀಕರಿಸಿದರು.
ತಾಲೂಕಿನ ಪ್ರಜಾಸೌಧ ಕಟ್ಟಡವನ್ನು ಪಟ್ಟಣದ ಹೊರವಲಯದಲ್ಲಿ ನಿರ್ಮಿಸುವುದನ್ನು ವಿರೋಧಿಸಿ ನಡೆಸುತ್ತಿರುವ ಅನಿರ್ದಿಷ್ಟಾವಧಿ ಧರಣಿ ಸತ್ಯಾಗ್ರಹ 48ನೇ ದಿನಕ್ಕೆ ಕಾಲಿಟ್ಟಿದೆ. ಪಟ್ಟಣದ ಮಧ್ಯಭಾಗದಲ್ಲೇ ಪ್ರಜಾಸೌಧ ನಿರ್ಮಾಣವಾಗಬೇಕು ಎಂಬುದು ಹೋರಾಟಗಾರರ ಆಗ್ರಹ. 4-5 ಕಿಲೋಮೀಟರ್ ದೂರದಲ್ಲಿ ಕಟ್ಟಡ ನಿರ್ಮಿಸಿದರೆ ಗ್ರಾಮೀಣ ಜನರಿಗೆ ತೊಂದರೆಯಾಗುತ್ತದೆ. ಸರ್ಕಾರ ತಕ್ಷಣ ಮಧ್ಯಪ್ರವೇಶಿಸಿ ಸಮಸ್ಯೆ ಬಗೆಹರಿಸಬೇಕು ಎಂದು ಧರಣಿನಿರತರು ಒತ್ತಾಯಿಸಿದರು. ವಿವಿಧ ಸಂಘಟನೆಗಳ ಮುಖಂಡರು, ಸಾರ್ವಜನಿಕರು ಧರಣಿಗೆ ಬೆಂಬಲ ಸೂಚಿಸಿದರು. ಅಧಿಕಾರಿಗಳು ಭೇಟಿ ನೀಡಿ ಮನವಿ ಸ್ವೀಕರಿಸಿದರು.
ತಾಲೂಕಿನ ಪ್ರಜಾಸೌಧ ಕಟ್ಟಡವನ್ನು ಪಟ್ಟಣದ ಹೊರವಲಯದಲ್ಲಿ ನಿರ್ಮಿಸುವುದನ್ನು ವಿರೋಧಿಸಿ ನಡೆಸುತ್ತಿರುವ ಅನಿರ್ದಿಷ್ಟಾವಧಿ ಧರಣಿ ಸತ್ಯಾಗ್ರಹ 48ನೇ ದಿನಕ್ಕೆ ಕಾಲಿಟ್ಟಿದೆ. ಪಟ್ಟಣದ ಮಧ್ಯಭಾಗದಲ್ಲೇ ಪ್ರಜಾಸೌಧ ನಿರ್ಮಾಣವಾಗಬೇಕು ಎಂಬುದು ಹೋರಾಟಗಾರರ ಆಗ್ರಹ. 4-5 ಕಿಲೋಮೀಟರ್ ದೂರದಲ್ಲಿ ಕಟ್ಟಡ ನಿರ್ಮಿಸಿದರೆ ಗ್ರಾಮೀಣ ಜನರಿಗೆ ತೊಂದರೆಯಾಗುತ್ತದೆ. ಸರ್ಕಾರ ತಕ್ಷಣ ಮಧ್ಯಪ್ರವೇಶಿಸಿ ಸಮಸ್ಯೆ ಬಗೆಹರಿಸಬೇಕು ಎಂದು ಧರಣಿನಿರತರು ಒತ್ತಾಯಿಸಿದರು. ವಿವಿಧ ಸಂಘಟನೆಗಳ ಮುಖಂಡರು, ಸಾರ್ವಜನಿಕರು ಧರಣಿಗೆ ಬೆಂಬಲ ಸೂಚಿಸಿದರು. ಅಧಿಕಾರಿಗಳು ಭೇಟಿ ನೀಡಿ ಮನವಿ ಸ್ವೀಕರಿಸಿದರು.
●●●●	●●●●	●●●●
